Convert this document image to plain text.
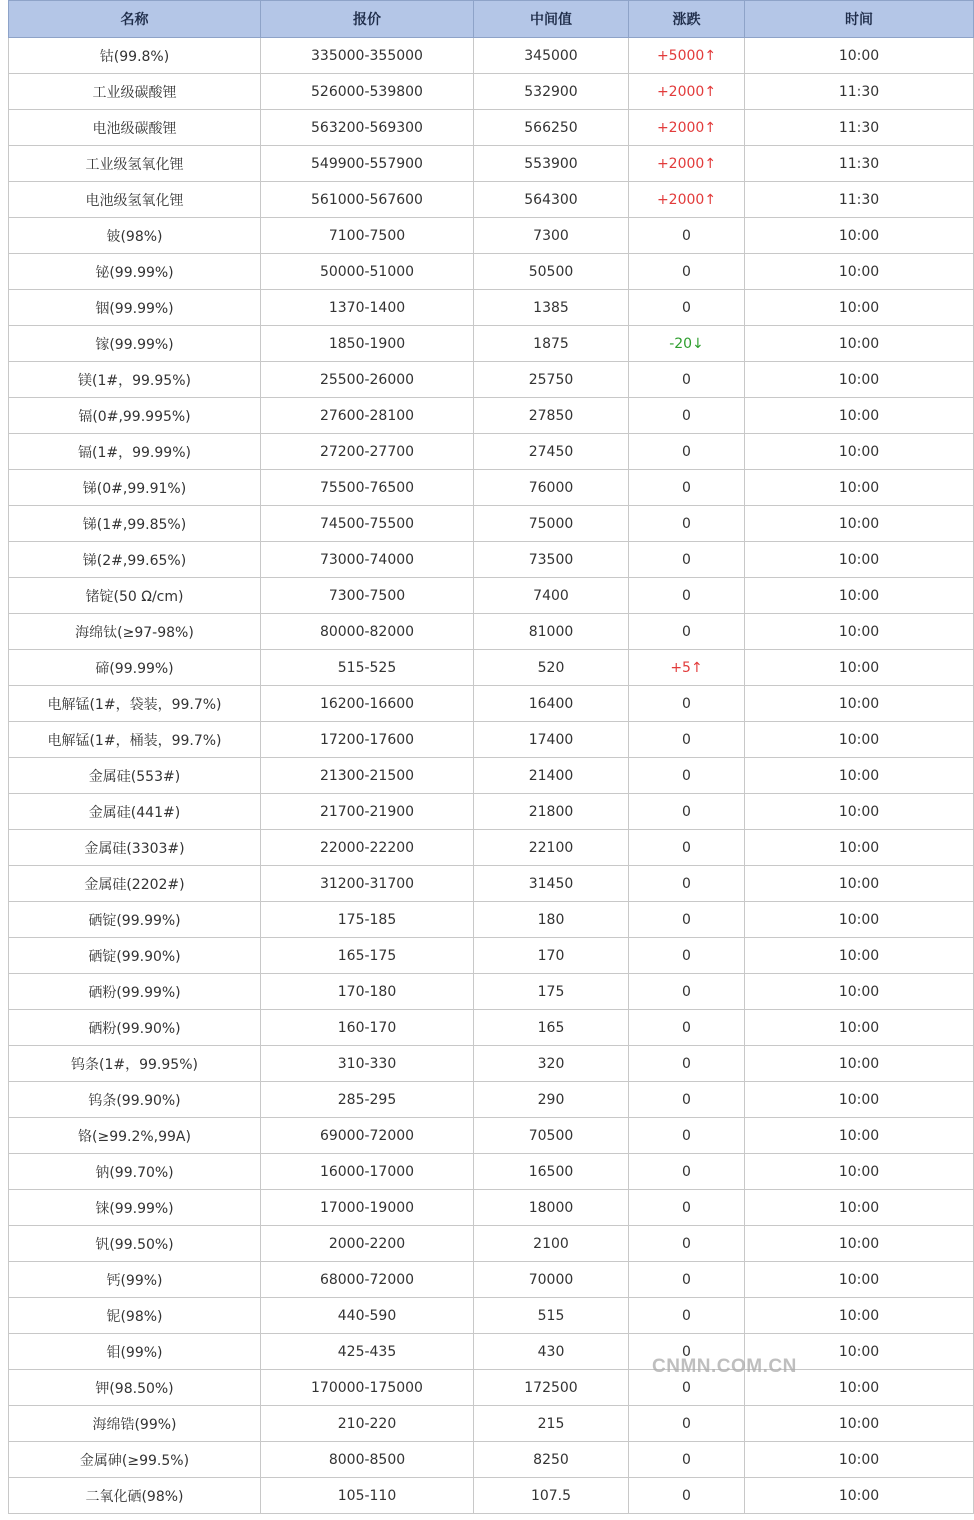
名称	报价	中间值	涨跌	时间
钴(99.8%)	335000-355000	345000	+5000↑	10:00
工业级碳酸锂	526000-539800	532900	+2000↑	11:30
电池级碳酸锂	563200-569300	566250	+2000↑	11:30
工业级氢氧化锂	549900-557900	553900	+2000↑	11:30
电池级氢氧化锂	561000-567600	564300	+2000↑	11:30
铍(98%)	7100-7500	7300	0	10:00
铋(99.99%)	50000-51000	50500	0	10:00
铟(99.99%)	1370-1400	1385	0	10:00
镓(99.99%)	1850-1900	1875	-20↓	10:00
镁(1#，99.95%)	25500-26000	25750	0	10:00
镉(0#,99.995%)	27600-28100	27850	0	10:00
镉(1#，99.99%)	27200-27700	27450	0	10:00
锑(0#,99.91%)	75500-76500	76000	0	10:00
锑(1#,99.85%)	74500-75500	75000	0	10:00
锑(2#,99.65%)	73000-74000	73500	0	10:00
锗锭(50 Ω/cm)	7300-7500	7400	0	10:00
海绵钛(≥97-98%)	80000-82000	81000	0	10:00
碲(99.99%)	515-525	520	+5↑	10:00
电解锰(1#，袋装，99.7%)	16200-16600	16400	0	10:00
电解锰(1#，桶装，99.7%)	17200-17600	17400	0	10:00
金属硅(553#)	21300-21500	21400	0	10:00
金属硅(441#)	21700-21900	21800	0	10:00
金属硅(3303#)	22000-22200	22100	0	10:00
金属硅(2202#)	31200-31700	31450	0	10:00
硒锭(99.99%)	175-185	180	0	10:00
硒锭(99.90%)	165-175	170	0	10:00
硒粉(99.99%)	170-180	175	0	10:00
硒粉(99.90%)	160-170	165	0	10:00
钨条(1#，99.95%)	310-330	320	0	10:00
钨条(99.90%)	285-295	290	0	10:00
铬(≥99.2%,99A)	69000-72000	70500	0	10:00
钠(99.70%)	16000-17000	16500	0	10:00
铼(99.99%)	17000-19000	18000	0	10:00
钒(99.50%)	2000-2200	2100	0	10:00
钙(99%)	68000-72000	70000	0	10:00
铌(98%)	440-590	515	0	10:00
钼(99%)	425-435	430	0	10:00
钾(98.50%)	170000-175000	172500	0	10:00
海绵锆(99%)	210-220	215	0	10:00
金属砷(≥99.5%)	8000-8500	8250	0	10:00
二氧化硒(98%)	105-110	107.5	0	10:00
CNMN.COM.CN
